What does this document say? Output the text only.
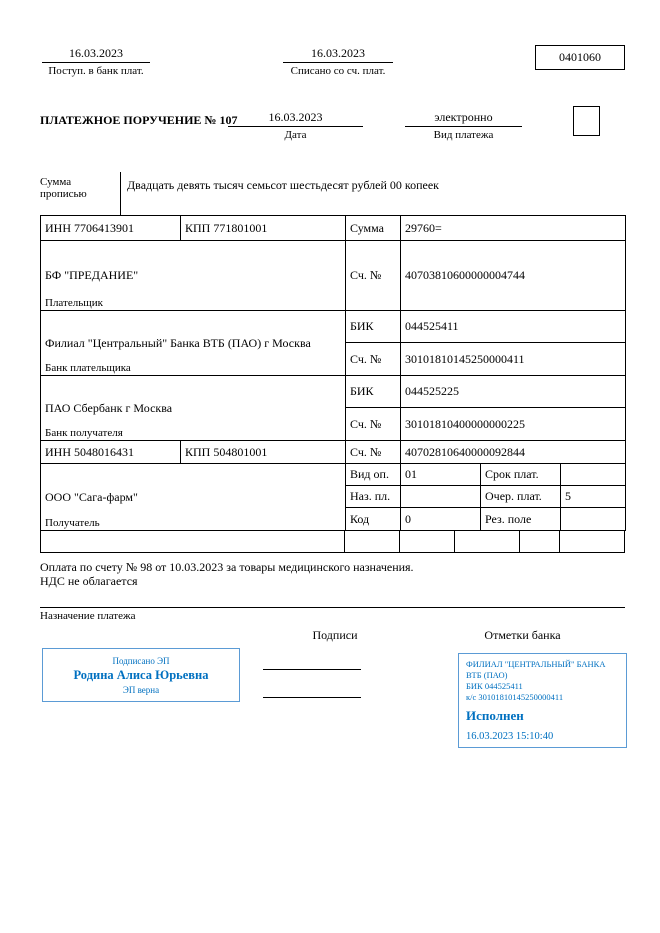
16.03.2023
Поступ. в банк плат.
16.03.2023
Списано со сч. плат.
0401060
ПЛАТЕЖНОЕ ПОРУЧЕНИЕ № 107	16.03.2023
Дата
электронно
Вид платежа
Сумма
прописью
Двадцать девять тысяч семьсот шестьдесят рублей 00 копеек
ИНН 7706413901	КПП 771801001	Сумма	29760=		

БФ "ПРЕДАНИЕ"
Плательщик		Сч. №	40703810600000004744		

Филиал "Центральный" Банка ВТБ (ПАО) г Москва
Банк плательщика		БИК	044525411		
		Сч. №	30101810145250000411		

ПАО Сбербанк г Москва
Банк получателя		БИК	044525225		
		Сч. №	30101810400000000225		
ИНН 5048016431	КПП 504801001	Сч. №	40702810640000092844		

ООО "Сага-фарм"
Получатель		Вид оп.	01	Срок плат.	
		Наз. пл.		Очер. плат.	5
		Код	0	Рез. поле	
Оплата по счету № 98 от 10.03.2023 за товары медицинского назначения.
НДС не облагается
Назначение платежа
Подписи	Отметки банка
Подписано ЭП
Родина Алиса Юрьевна
ЭП верна
ФИЛИАЛ "ЦЕНТРАЛЬНЫЙ" БАНКА
ВТБ (ПАО)
БИК 044525411
к/с 30101810145250000411
Исполнен
16.03.2023 15:10:40
